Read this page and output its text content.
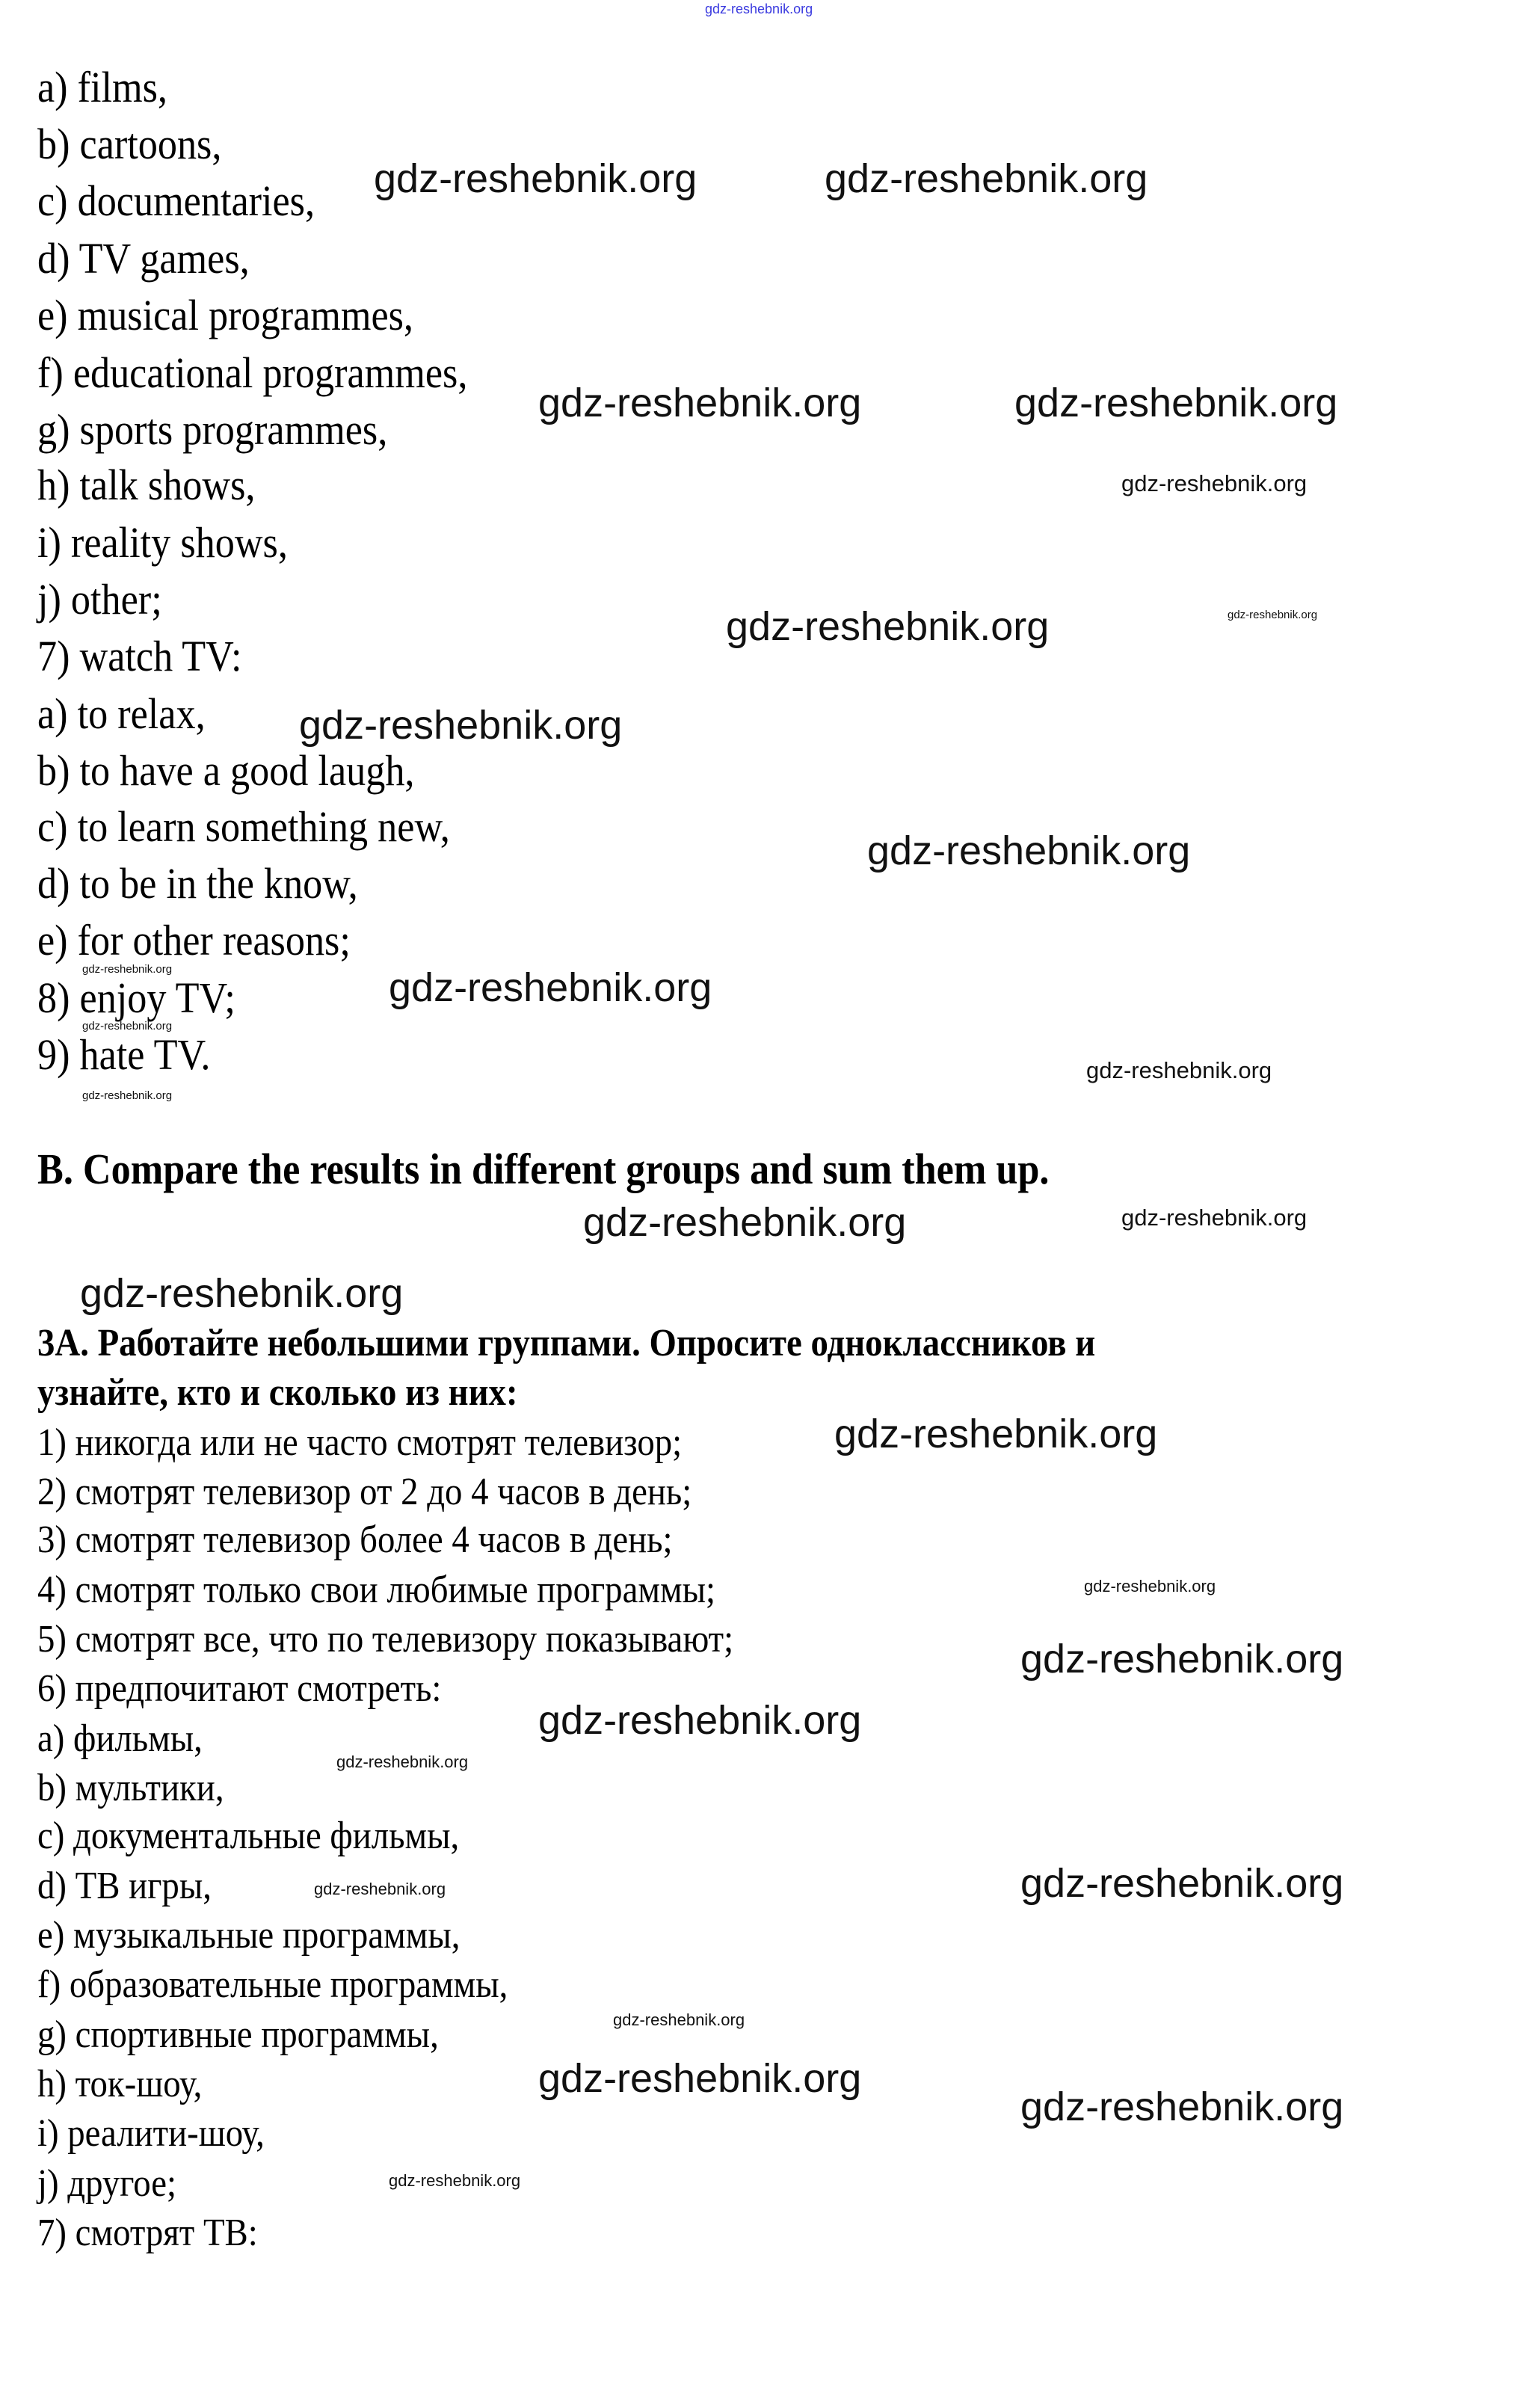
a) films,
b) cartoons,
c) documentaries,
d) TV games,
e) musical programmes,
f) educational programmes,
g) sports programmes,
h) talk shows,
i) reality shows,
j) other;
7) watch TV:
a) to relax,
b) to have a good laugh,
c) to learn something new,
d) to be in the know,
e) for other reasons;
8) enjoy TV;
9) hate TV.
B. Compare the results in different groups and sum them up.
3A. Работайте небольшими группами. Опросите одноклассников и
узнайте, кто и сколько из них:
1) никогда или не часто смотрят телевизор;
2) смотрят телевизор от 2 до 4 часов в день;
3) смотрят телевизор более 4 часов в день;
4) смотрят только свои любимые программы;
5) смотрят все, что по телевизору показывают;
6) предпочитают смотреть:
a) фильмы,
b) мультики,
c) документальные фильмы,
d) ТВ игры,
e) музыкальные программы,
f) образовательные программы,
g) спортивные программы,
h) ток-шоу,
i) реалити-шоу,
j) другое;
7) смотрят ТВ:
gdz-reshebnik.org
gdz-reshebnik.org	gdz-reshebnik.org
gdz-reshebnik.org
gdz-reshebnik.org	gdz-reshebnik.org
gdz-reshebnik.org	gdz-reshebnik.org
gdz-reshebnik.org
gdz-reshebnik.org
gdz-reshebnik.org	gdz-reshebnik.org
gdz-reshebnik.org
gdz-reshebnik.org
gdz-reshebnik.org
gdz-reshebnik.org	gdz-reshebnik.org
gdz-reshebnik.org
gdz-reshebnik.org
gdz-reshebnik.org
gdz-reshebnik.org
gdz-reshebnik.org
gdz-reshebnik.org
gdz-reshebnik.org	gdz-reshebnik.org
gdz-reshebnik.org
gdz-reshebnik.org
gdz-reshebnik.org
gdz-reshebnik.org
